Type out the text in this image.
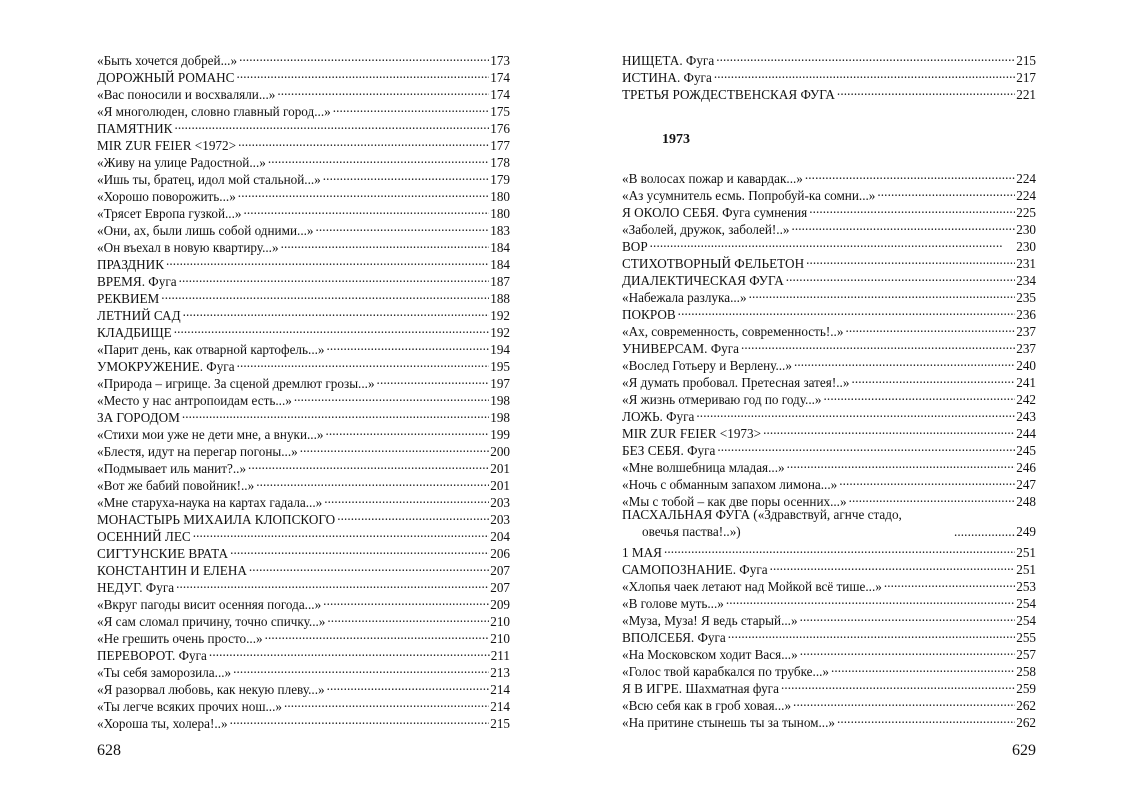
«Быть хочется добрей...» . . .	173
ДОРОЖНЫЙ РОМАНС . . .	174
«Вас поносили и восхваляли...» . . .	174
«Я многолюден, словно главный город...» . . .	175
ПАМЯТНИК . . .	176
MIR ZUR FEIER <1972> . . .	177
«Живу на улице Радостной...» . . .	178
«Ишь ты, братец, идол мой стальной...» . . .	179
«Хорошо поворожить...» . . .	180
«Трясет Европа гузкой...» . . .	180
«Они, ах, были лишь собой одними...» . . .	183
«Он въехал в новую квартиру...» . . .	184
ПРАЗДНИК . . .	184
ВРЕМЯ. Фуга . . .	187
РЕКВИЕМ . . .	188
ЛЕТНИЙ САД . . .	192
КЛАДБИЩЕ . . .	192
«Парит день, как отварной картофель...» . . .	194
УМОКРУЖЕНИЕ. Фуга . . .	195
«Природа – игрище. За сценой дремлют грозы...» . . .	197
«Место у нас антропоидам есть...» . . .	198
ЗА ГОРОДОМ . . .	198
«Стихи мои уже не дети мне, а внуки...» . . .	199
«Блестя, идут на перегар погоны...» . . .	200
«Подмывает иль манит?..» . . .	201
«Вот же бабий повойник!..» . . .	201
«Мне старуха-наука на картах гадала...» . . .	203
МОНАСТЫРЬ МИХАИЛА КЛОПСКОГО . . .	203
ОСЕННИЙ ЛЕС . . .	204
СИГТУНСКИЕ ВРАТА . . .	206
КОНСТАНТИН И ЕЛЕНА . . .	207
НЕДУГ. Фуга . . .	207
«Вкруг пагоды висит осенняя погода...» . . .	209
«Я сам сломал причину, точно спичку...» . . .	210
«Не грешить очень просто...» . . .	210
ПЕРЕВОРОТ. Фуга . . .	211
«Ты себя заморозила...» . . .	213
«Я разорвал любовь, как некую плеву...» . . .	214
«Ты легче всяких прочих нош...» . . .	214
«Хороша ты, холера!..» . . .	215
628
НИЩЕТА. Фуга . . .	215
ИСТИНА. Фуга . . .	217
ТРЕТЬЯ РОЖДЕСТВЕНСКАЯ ФУГА . . .	221
1973
«В волосах пожар и кавардак...» . . .	224
«Аз усумнитель есмь. Попробуй-ка сомни...» . . .	224
Я ОКОЛО СЕБЯ. Фуга сумнения . . .	225
«Заболей, дружок, заболей!..» . . .	230
ВОР . . .	230
СТИХОТВОРНЫЙ ФЕЛЬЕТОН . . .	231
ДИАЛЕКТИЧЕСКАЯ ФУГА . . .	234
«Набежала разлука...» . . .	235
ПОКРОВ . . .	236
«Ах, современность, современность!..» . . .	237
УНИВЕРСАМ. Фуга . . .	237
«Вослед Готьеру и Верлену...» . . .	240
«Я думать пробовал. Претесная затея!..» . . .	241
«Я жизнь отмериваю год по году...» . . .	242
ЛОЖЬ. Фуга . . .	243
MIR ZUR FEIER <1973> . . .	244
БЕЗ СЕБЯ. Фуга . . .	245
«Мне волшебница младая...» . . .	246
«Ночь с обманным запахом лимона...» . . .	247
«Мы с тобой – как две поры осенних...» . . .	248
ПАСХАЛЬНАЯ ФУГА («Здравствуй, агнче стадо,
овечья паства!..») . . .	249
1 МАЯ . . .	251
САМОПОЗНАНИЕ. Фуга . . .	251
«Хлопья чаек летают над Мойкой всё тише...» . . .	253
«В голове муть...» . . .	254
«Муза, Муза! Я ведь старый...» . . .	254
ВПОЛСЕБЯ. Фуга . . .	255
«На Московском ходит Вася...» . . .	257
«Голос твой карабкался по трубке...» . . .	258
Я В ИГРЕ. Шахматная фуга . . .	259
«Всю себя как в гроб ховая...» . . .	262
«На притине стынешь ты за тыном...» . . .	262
629
